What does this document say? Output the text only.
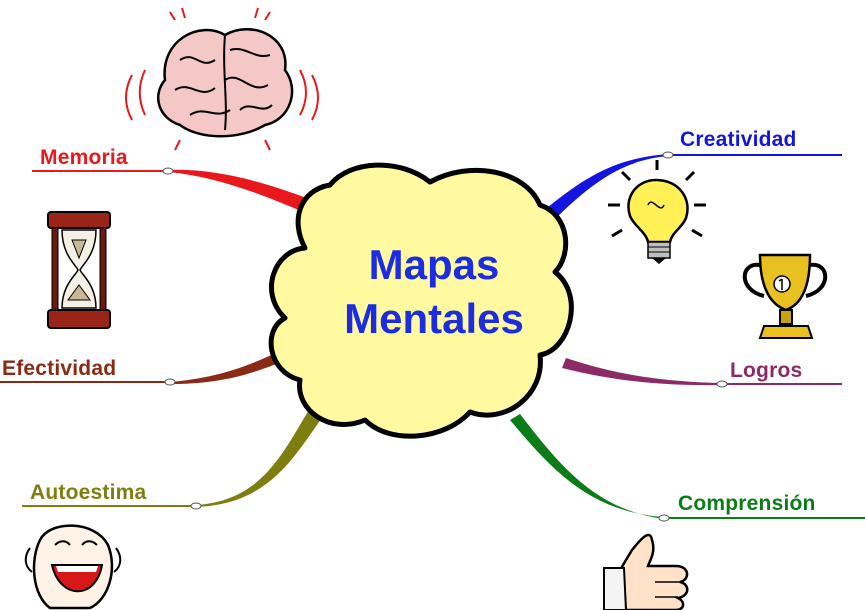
Mapas
Mentales
Memoria
Efectividad
Autoestima
Creatividad
Logros
Comprensión
